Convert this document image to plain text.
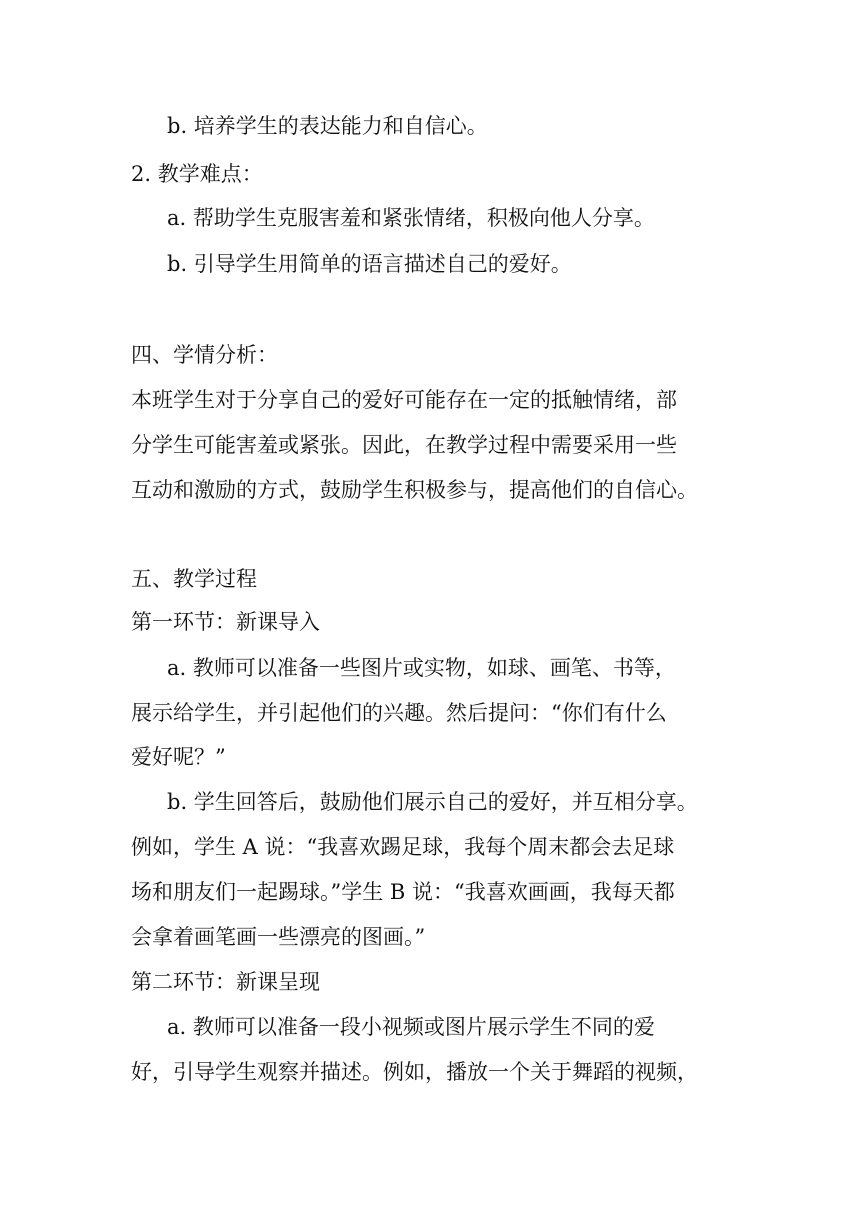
b. 培养学生的表达能力和自信心。
2. 教学难点：
a. 帮助学生克服害羞和紧张情绪，积极向他人分享。
b. 引导学生用简单的语言描述自己的爱好。
四、学情分析：
本班学生对于分享自己的爱好可能存在一定的抵触情绪，部
分学生可能害羞或紧张。因此，在教学过程中需要采用一些
互动和激励的方式，鼓励学生积极参与，提高他们的自信心。
五、教学过程
第一环节：新课导入
a. 教师可以准备一些图片或实物，如球、画笔、书等，
展示给学生，并引起他们的兴趣。然后提问：“你们有什么
爱好呢？”
b. 学生回答后，鼓励他们展示自己的爱好，并互相分享。
例如，学生 A 说：“我喜欢踢足球，我每个周末都会去足球
场和朋友们一起踢球。”学生 B 说：“我喜欢画画，我每天都
会拿着画笔画一些漂亮的图画。”
第二环节：新课呈现
a. 教师可以准备一段小视频或图片展示学生不同的爱
好，引导学生观察并描述。例如，播放一个关于舞蹈的视频，
